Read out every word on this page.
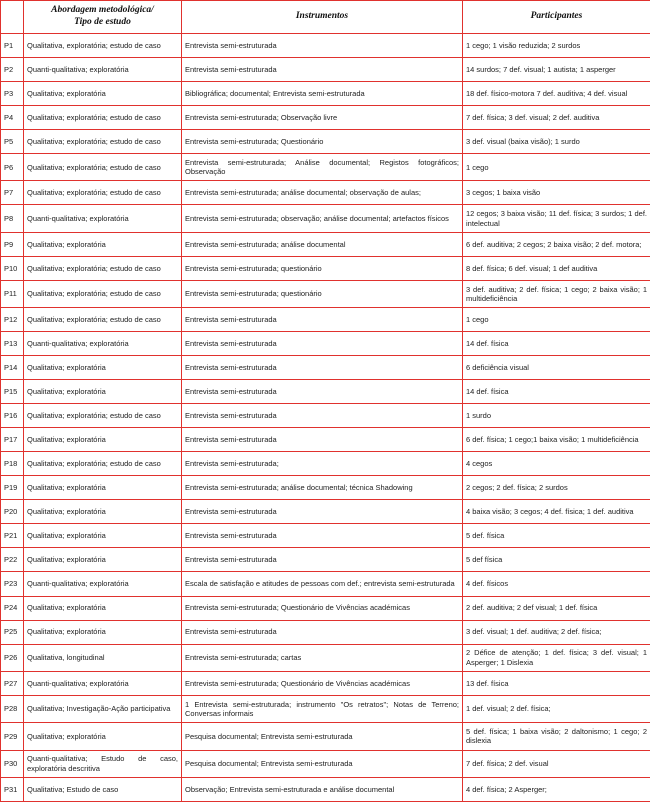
	Abordagem metodológica/
Tipo de estudo	Instrumentos	Participantes
P1	Qualitativa, exploratória; estudo de caso	Entrevista semi-estruturada	1 cego; 1 visão reduzida; 2 surdos
P2	Quanti-qualitativa; exploratória	Entrevista semi-estruturada	14 surdos; 7 def. visual; 1 autista; 1 asperger
P3	Qualitativa; exploratória	Bibliográfica; documental; Entrevista semi-estruturada	18 def. físico-motora 7 def. auditiva; 4 def. visual
P4	Qualitativa; exploratória; estudo de caso	Entrevista semi-estruturada; Observação livre	7 def. física; 3 def. visual; 2 def. auditiva
P5	Qualitativa; exploratória; estudo de caso	Entrevista semi-estruturada; Questionário	3 def. visual (baixa visão); 1 surdo
P6	Qualitativa; exploratória; estudo de caso	Entrevista semi-estruturada; Análise documental; Registos fotográficos; Observação	1 cego
P7	Qualitativa; exploratória; estudo de caso	Entrevista semi-estruturada; análise documental; observação de aulas;	3 cegos; 1 baixa visão
P8	Quanti-qualitativa; exploratória	Entrevista semi-estruturada; observação; análise documental; artefactos físicos	12 cegos; 3 baixa visão; 11 def. física; 3 surdos; 1 def. intelectual
P9	Qualitativa; exploratória	Entrevista semi-estruturada; análise documental	6 def. auditiva; 2 cegos; 2 baixa visão; 2 def. motora;
P10	Qualitativa; exploratória; estudo de caso	Entrevista semi-estruturada; questionário	8 def. física; 6 def. visual; 1 def auditiva
P11	Qualitativa; exploratória; estudo de caso	Entrevista semi-estruturada; questionário	3 def. auditiva; 2 def. física; 1 cego; 2 baixa visão; 1 multideficiência
P12	Qualitativa; exploratória; estudo de caso	Entrevista semi-estruturada	1 cego
P13	Quanti-qualitativa; exploratória	Entrevista semi-estruturada	14 def. física
P14	Qualitativa; exploratória	Entrevista semi-estruturada	6 deficiência visual
P15	Qualitativa; exploratória	Entrevista semi-estruturada	14 def. física
P16	Qualitativa; exploratória; estudo de caso	Entrevista semi-estruturada	1 surdo
P17	Qualitativa; exploratória	Entrevista semi-estruturada	6 def. física; 1 cego;1 baixa visão; 1 multideficiência
P18	Qualitativa; exploratória; estudo de caso	Entrevista semi-estruturada;	4 cegos
P19	Qualitativa; exploratória	Entrevista semi-estruturada; análise documental; técnica Shadowing	2 cegos; 2 def. física; 2 surdos
P20	Qualitativa; exploratória	Entrevista semi-estruturada	4 baixa visão; 3 cegos; 4 def. física; 1 def. auditiva
P21	Qualitativa; exploratória	Entrevista semi-estruturada	5 def. física
P22	Qualitativa; exploratória	Entrevista semi-estruturada	5 def física
P23	Quanti-qualitativa; exploratória	Escala de satisfação e atitudes de pessoas com def.; entrevista semi-estruturada	4 def. físicos
P24	Qualitativa; exploratória	Entrevista semi-estruturada; Questionário de Vivências académicas	2 def. auditiva; 2 def visual; 1 def. física
P25	Qualitativa; exploratória	Entrevista semi-estruturada	3 def. visual; 1 def. auditiva; 2 def. física;
P26	Qualitativa, longitudinal	Entrevista semi-estruturada; cartas	2 Défice de atenção; 1 def. física; 3 def. visual; 1 Asperger; 1 Dislexia
P27	Quanti-qualitativa; exploratória	Entrevista semi-estruturada; Questionário de Vivências académicas	13 def. física
P28	Qualitativa; Investigação-Ação participativa	1 Entrevista semi-estruturada; instrumento "Os retratos"; Notas de Terreno; Conversas informais	1 def. visual; 2 def. física;
P29	Qualitativa; exploratória	Pesquisa documental; Entrevista semi-estruturada	5 def. física; 1 baixa visão; 2 daltonismo; 1 cego; 2 dislexia
P30	Quanti-qualitativa; Estudo de caso, exploratória descritiva	Pesquisa documental; Entrevista semi-estruturada	7 def. física; 2 def. visual
P31	Qualitativa; Estudo de caso	Observação; Entrevista semi-estruturada e análise documental	4 def. física; 2 Asperger;
